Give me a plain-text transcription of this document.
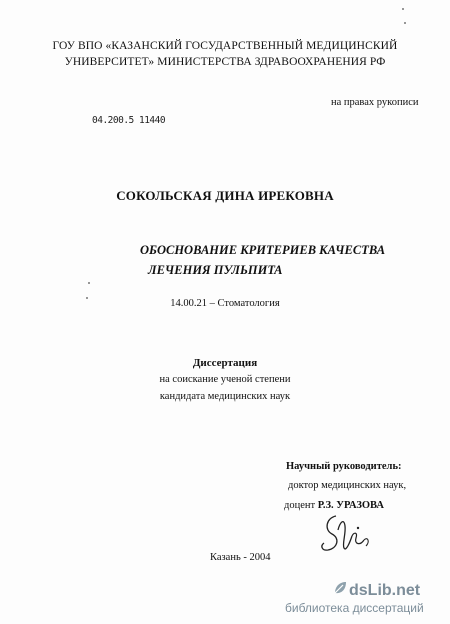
ГОУ ВПО «КАЗАНСКИЙ ГОСУДАРСТВЕННЫЙ МЕДИЦИНСКИЙ
УНИВЕРСИТЕТ» МИНИСТЕРСТВА ЗДРАВООХРАНЕНИЯ РФ
на правах рукописи
04.200.5 11440
СОКОЛЬСКАЯ ДИНА ИРЕКОВНА
ОБОСНОВАНИЕ КРИТЕРИЕВ КАЧЕСТВА
ЛЕЧЕНИЯ ПУЛЬПИТА
14.00.21 – Стоматология
Диссертация
на соискание ученой степени
кандидата медицинских наук
Научный руководитель:
доктор медицинских наук,
доцент Р.З. УРАЗОВА
Казань - 2004
dsLib.net
библиотека диссертаций
